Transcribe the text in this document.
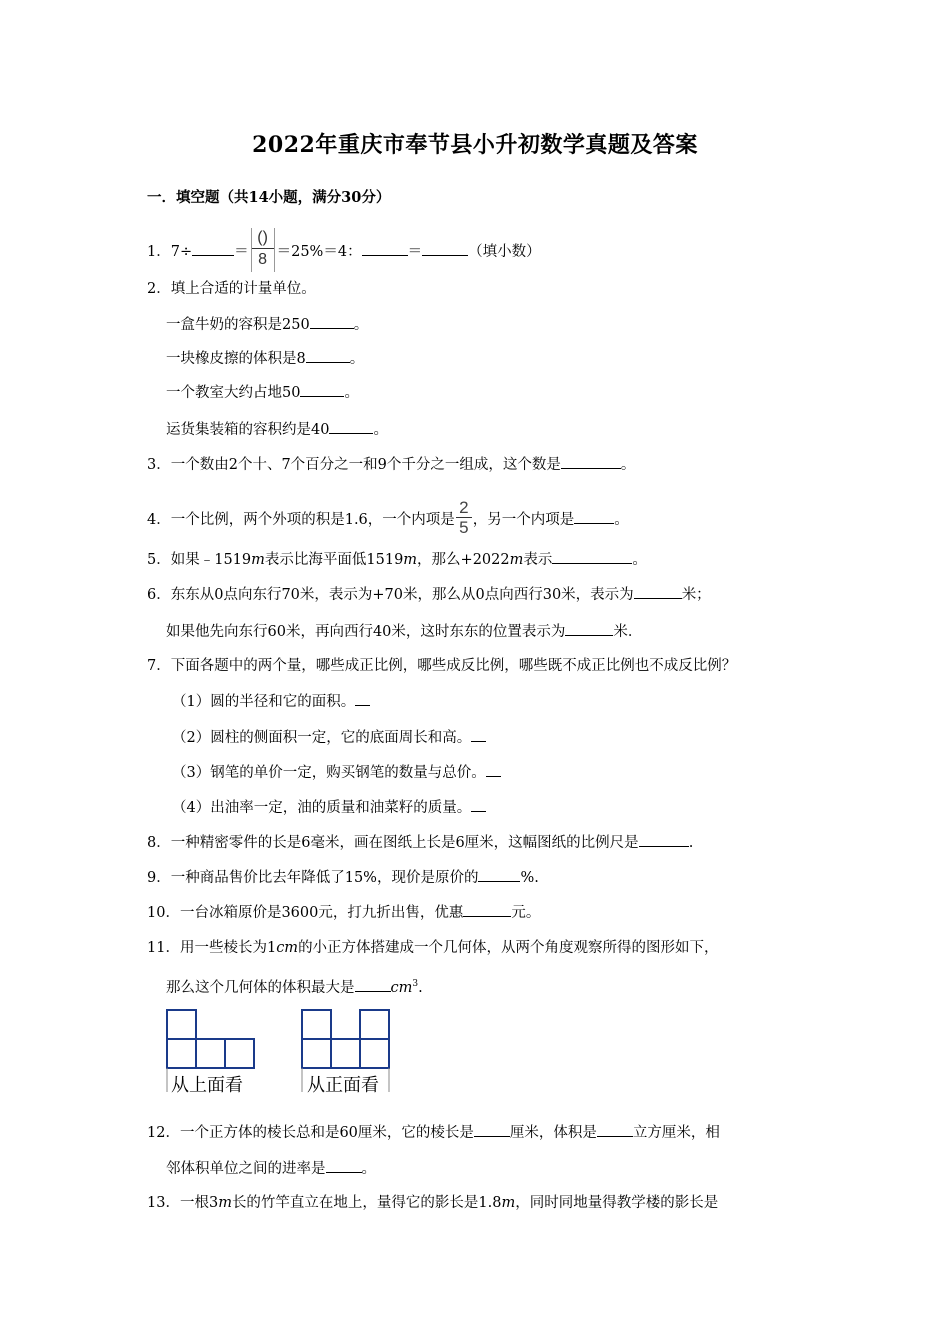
2022年重庆市奉节县小升初数学真题及答案
一．填空题（共14小题，满分30分）
1．7÷	＝ $\frac{()}{8} =25\%=4$：	＝	（填小数）
2．填上合适的计量单位。
一盒牛奶的容积是250	。
一块橡皮擦的体积是8	。
一个教室大约占地50	。
运货集装箱的容积约是40	。
3．一个数由2个十、7个百分之一和9个千分之一组成，这个数是	。
4．一个比例，两个外项的积是1.6，一个内项是 $\frac{2}{5}$ ，另一个内项是	。
5．如果﹣1519m表示比海平面低1519m，那么+2022m表示	。
6．东东从0点向东行70米，表示为+70米，那么从0点向西行30米，表示为	米；
如果他先向东行60米，再向西行40米，这时东东的位置表示为	米．
7．下面各题中的两个量，哪些成正比例，哪些成反比例，哪些既不成正比例也不成反比例？
（1）圆的半径和它的面积。
（2）圆柱的侧面积一定，它的底面周长和高。
（3）钢笔的单价一定，购买钢笔的数量与总价。
（4）出油率一定，油的质量和油菜籽的质量。
8．一种精密零件的长是6毫米，画在图纸上长是6厘米，这幅图纸的比例尺是	.
9．一种商品售价比去年降低了15%，现价是原价的	%.
10．一台冰箱原价是3600元，打九折出售，优惠	元。
11．用一些棱长为1cm的小正方体搭建成一个几何体，从两个角度观察所得的图形如下，
那么这个几何体的体积最大是 $cm^3$.
从上面看	从正面看
12．一个正方体的棱长总和是60厘米，它的棱长是 厘米，体积是 立方厘米，相
邻体积单位之间的进率是 。
13．一根3m长的竹竿直立在地上，量得它的影长是1.8m，同时同地量得教学楼的影长是
